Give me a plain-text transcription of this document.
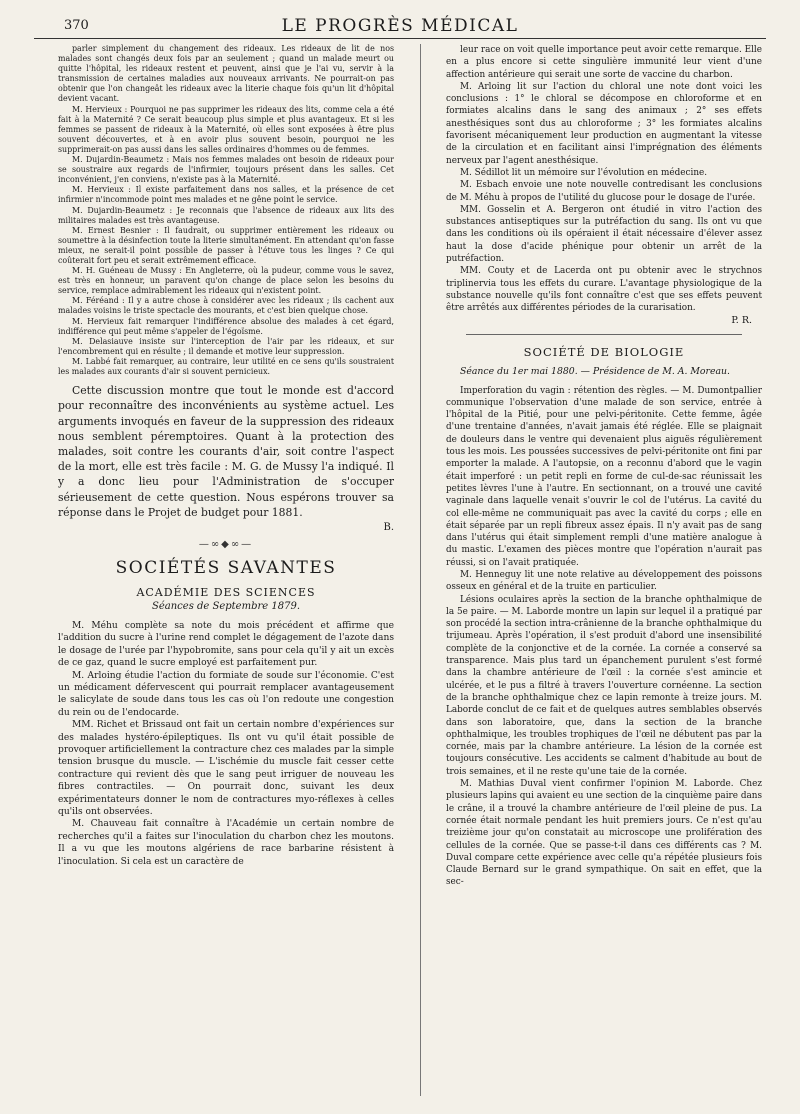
370	LE PROGRÈS MÉDICAL

parler simplement du changement des rideaux. Les rideaux de lit de nos malades sont changés deux fois par an seulement ; quand un malade meurt ou quitte l'hôpital, les rideaux restent et peuvent, ainsi que je l'ai vu, servir à la transmission de certaines maladies aux nouveaux arrivants. Ne pourrait-on pas obtenir que l'on changeât les rideaux avec la literie chaque fois qu'un lit d'hôpital devient vacant.

M. Hervieux : Pourquoi ne pas supprimer les rideaux des lits, comme cela a été fait à la Maternité ? Ce serait beaucoup plus simple et plus avantageux. Et si les femmes se passent de rideaux à la Maternité, où elles sont exposées à être plus souvent découvertes, et à en avoir plus souvent besoin, pourquoi ne les supprimerait-on pas aussi dans les salles ordinaires d'hommes ou de femmes.

M. Dujardin-Beaumetz : Mais nos femmes malades ont besoin de rideaux pour se soustraire aux regards de l'infirmier, toujours présent dans les salles. Cet inconvénient, j'en conviens, n'existe pas à la Maternité.

M. Hervieux : Il existe parfaitement dans nos salles, et la présence de cet infirmier n'incommode point mes malades et ne gêne point le service.

M. Dujardin-Beaumetz : Je reconnais que l'absence de rideaux aux lits des militaires malades est très avantageuse.

M. Ernest Besnier : Il faudrait, ou supprimer entièrement les rideaux ou soumettre à la désinfection toute la literie simultanément. En attendant qu'on fasse mieux, ne serait-il point possible de passer à l'étuve tous les linges ? Ce qui coûterait fort peu et serait extrêmement efficace.

M. H. Guéneau de Mussy : En Angleterre, où la pudeur, comme vous le savez, est très en honneur, un paravent qu'on change de place selon les besoins du service, remplace admirablement les rideaux qui n'existent point.

M. Féréand : Il y a autre chose à considérer avec les rideaux ; ils cachent aux malades voisins le triste spectacle des mourants, et c'est bien quelque chose.

M. Hervieux fait remarquer l'indifférence absolue des malades à cet égard, indifférence qui peut même s'appeler de l'égoïsme.

M. Delasiauve insiste sur l'interception de l'air par les rideaux, et sur l'encombrement qui en résulte ; il demande et motive leur suppression.

M. Labbé fait remarquer, au contraire, leur utilité en ce sens qu'ils soustraient les malades aux courants d'air si souvent pernicieux.

Cette discussion montre que tout le monde est d'accord pour reconnaître des inconvénients au système actuel. Les arguments invoqués en faveur de la suppression des rideaux nous semblent péremptoires. Quant à la protection des malades, soit contre les courants d'air, soit contre l'aspect de la mort, elle est très facile : M. G. de Mussy l'a indiqué. Il y a donc lieu pour l'Administration de s'occuper sérieusement de cette question. Nous espérons trouver sa réponse dans le Projet de budget pour 1881.

B.
—∞◆∞—
SOCIÉTÉS SAVANTES
ACADÉMIE DES SCIENCES
Séances de Septembre 1879.

M. Méhu complète sa note du mois précédent et affirme que l'addition du sucre à l'urine rend complet le dégagement de l'azote dans le dosage de l'urée par l'hypobromite, sans pour cela qu'il y ait un excès de ce gaz, quand le sucre employé est parfaitement pur.

M. Arloing étudie l'action du formiate de soude sur l'économie. C'est un médicament défervescent qui pourrait remplacer avantageusement le salicylate de soude dans tous les cas où l'on redoute une congestion du rein ou de l'endocarde.

MM. Richet et Brissaud ont fait un certain nombre d'expériences sur des malades hystéro-épileptiques. Ils ont vu qu'il était possible de provoquer artificiellement la contracture chez ces malades par la simple tension brusque du muscle. — L'ischémie du muscle fait cesser cette contracture qui revient dès que le sang peut irriguer de nouveau les fibres contractiles. — On pourrait donc, suivant les deux expérimentateurs donner le nom de contractures myo-réflexes à celles qu'ils ont observées.

M. Chauveau fait connaître à l'Académie un certain nombre de recherches qu'il a faites sur l'inoculation du charbon chez les moutons. Il a vu que les moutons algériens de race barbarine résistent à l'inoculation. Si cela est un caractère de

leur race on voit quelle importance peut avoir cette remarque. Elle en a plus encore si cette singulière immunité leur vient d'une affection antérieure qui serait une sorte de vaccine du charbon.

M. Arloing lit sur l'action du chloral une note dont voici les conclusions : 1° le chloral se décompose en chloroforme et en formiates alcalins dans le sang des animaux ; 2° ses effets anesthésiques sont dus au chloroforme ; 3° les formiates alcalins favorisent mécaniquement leur production en augmentant la vitesse de la circulation et en facilitant ainsi l'imprégnation des éléments nerveux par l'agent anesthésique.

M. Sédillot lit un mémoire sur l'évolution en médecine.

M. Esbach envoie une note nouvelle contredisant les conclusions de M. Méhu à propos de l'utilité du glucose pour le dosage de l'urée.

MM. Gosselin et A. Bergeron ont étudié in vitro l'action des substances antiseptiques sur la putréfaction du sang. Ils ont vu que dans les conditions où ils opéraient il était nécessaire d'élever assez haut la dose d'acide phénique pour obtenir un arrêt de la putréfaction.

MM. Couty et de Lacerda ont pu obtenir avec le strychnos triplinervia tous les effets du curare. L'avantage physiologique de la substance nouvelle qu'ils font connaître c'est que ses effets peuvent être arrêtés aux différentes périodes de la curarisation.

P. R.
SOCIÉTÉ DE BIOLOGIE

Séance du 1er mai 1880. — Présidence de M. A. Moreau.

Imperforation du vagin : rétention des règles. — M. Dumontpallier communique l'observation d'une malade de son service, entrée à l'hôpital de la Pitié, pour une pelvi-péritonite. Cette femme, âgée d'une trentaine d'années, n'avait jamais été réglée. Elle se plaignait de douleurs dans le ventre qui devenaient plus aiguës régulièrement tous les mois. Les poussées successives de pelvi-péritonite ont fini par emporter la malade. A l'autopsie, on a reconnu d'abord que le vagin était imperforé : un petit repli en forme de cul-de-sac réunissait les petites lèvres l'une à l'autre. En sectionnant, on a trouvé une cavité vaginale dans laquelle venait s'ouvrir le col de l'utérus. La cavité du col elle-même ne communiquait pas avec la cavité du corps ; elle en était séparée par un repli fibreux assez épais. Il n'y avait pas de sang dans l'utérus qui était simplement rempli d'une matière analogue à du mastic. L'examen des pièces montre que l'opération n'aurait pas réussi, si on l'avait pratiquée.

M. Henneguy lit une note relative au développement des poissons osseux en général et de la truite en particulier.

Lésions oculaires après la section de la branche ophthalmique de la 5e paire. — M. Laborde montre un lapin sur lequel il a pratiqué par son procédé la section intra-crânienne de la branche ophthalmique du trijumeau. Après l'opération, il s'est produit d'abord une insensibilité complète de la conjonctive et de la cornée. La cornée a conservé sa transparence. Mais plus tard un épanchement purulent s'est formé dans la chambre antérieure de l'œil : la cornée s'est amincie et ulcérée, et le pus a filtré à travers l'ouverture cornéenne. La section de la branche ophthalmique chez ce lapin remonte à treize jours. M. Laborde conclut de ce fait et de quelques autres semblables observés dans son laboratoire, que, dans la section de la branche ophthalmique, les troubles trophiques de l'œil ne débutent pas par la cornée, mais par la chambre antérieure. La lésion de la cornée est toujours consécutive. Les accidents se calment d'habitude au bout de trois semaines, et il ne reste qu'une taie de la cornée.

M. Mathias Duval vient confirmer l'opinion M. Laborde. Chez plusieurs lapins qui avaient eu une section de la cinquième paire dans le crâne, il a trouvé la chambre antérieure de l'œil pleine de pus. La cornée était normale pendant les huit premiers jours. Ce n'est qu'au treizième jour qu'on constatait au microscope une prolifération des cellules de la cornée. Que se passe-t-il dans ces différents cas ? M. Duval compare cette expérience avec celle qu'a répétée plusieurs fois Claude Bernard sur le grand sympathique. On sait en effet, que la sec-
